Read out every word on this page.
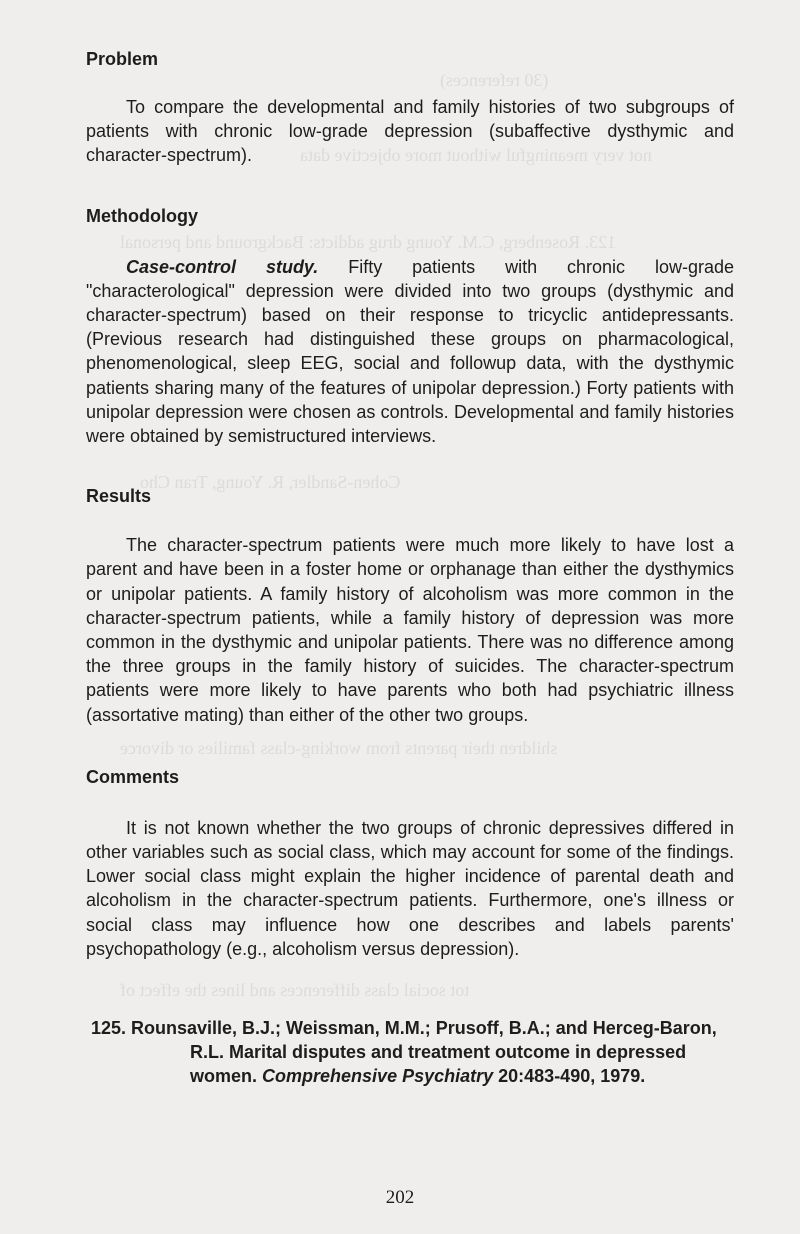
(30 references)
not very meaningful without more objective data
123. Rosenberg, C.M. Young drug addicts: Background and personal
Cohen-Sandler, R. Young, Tran Cho
shildren their parents from working-class families or divorce
tot social class differences and lines the effect of
Problem

To compare the developmental and family histories of two subgroups of patients with chronic low-grade depression (subaffective dysthymic and character-spectrum).

Methodology

Case-control study. Fifty patients with chronic low-grade "characterological" depression were divided into two groups (dysthymic and character-spectrum) based on their response to tricyclic antidepressants. (Previous research had distinguished these groups on pharmacological, phenomenological, sleep EEG, social and followup data, with the dysthymic patients sharing many of the features of unipolar depression.) Forty patients with unipolar depression were chosen as controls. Developmental and family histories were obtained by semistructured interviews.

Results

The character-spectrum patients were much more likely to have lost a parent and have been in a foster home or orphanage than either the dysthymics or unipolar patients. A family history of alcoholism was more common in the character-spectrum patients, while a family history of depression was more common in the dysthymic and unipolar patients. There was no difference among the three groups in the family history of suicides. The character-spectrum patients were more likely to have parents who both had psychiatric illness (assortative mating) than either of the other two groups.

Comments

It is not known whether the two groups of chronic depressives differed in other variables such as social class, which may account for some of the findings. Lower social class might explain the higher incidence of parental death and alcoholism in the character-spectrum patients. Furthermore, one's illness or social class may influence how one describes and labels parents' psychopathology (e.g., alcoholism versus depression).

125. Rounsaville, B.J.; Weissman, M.M.; Prusoff, B.A.; and Herceg-Baron, R.L. Marital disputes and treatment outcome in depressed women. Comprehensive Psychiatry 20:483-490, 1979.
202
